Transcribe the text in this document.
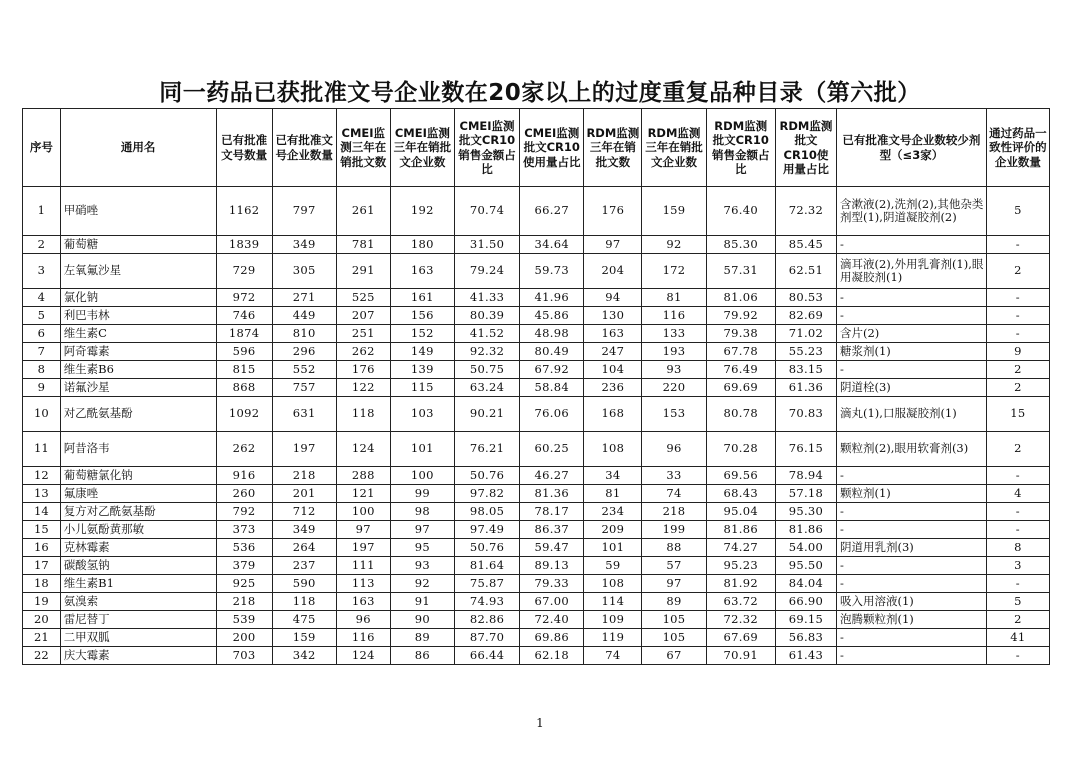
同一药品已获批准文号企业数在20家以上的过度重复品种目录（第六批）
序号	通用名	已有批准文号数量	已有批准文号企业数量	CMEI监测三年在销批文数	CMEI监测三年在销批文企业数	CMEI监测批文CR10销售金额占比	CMEI监测批文CR10使用量占比	RDM监测三年在销批文数	RDM监测三年在销批文企业数	RDM监测批文CR10销售金额占比	RDM监测批文CR10使用量占比	已有批准文号企业数较少剂型（≤3家）	通过药品一致性评价的企业数量
1	甲硝唑	1162	797	261	192	70.74	66.27	176	159	76.40	72.32	含漱液(2),洗剂(2),其他杂类剂型(1),阴道凝胶剂(2)	5
2	葡萄糖	1839	349	781	180	31.50	34.64	97	92	85.30	85.45	-	-
3	左氧氟沙星	729	305	291	163	79.24	59.73	204	172	57.31	62.51	滴耳液(2),外用乳膏剂(1),眼用凝胶剂(1)	2
4	氯化钠	972	271	525	161	41.33	41.96	94	81	81.06	80.53	-	-
5	利巴韦林	746	449	207	156	80.39	45.86	130	116	79.92	82.69	-	-
6	维生素C	1874	810	251	152	41.52	48.98	163	133	79.38	71.02	含片(2)	-
7	阿奇霉素	596	296	262	149	92.32	80.49	247	193	67.78	55.23	糖浆剂(1)	9
8	维生素B6	815	552	176	139	50.75	67.92	104	93	76.49	83.15	-	2
9	诺氟沙星	868	757	122	115	63.24	58.84	236	220	69.69	61.36	阴道栓(3)	2
10	对乙酰氨基酚	1092	631	118	103	90.21	76.06	168	153	80.78	70.83	滴丸(1),口服凝胶剂(1)	15
11	阿昔洛韦	262	197	124	101	76.21	60.25	108	96	70.28	76.15	颗粒剂(2),眼用软膏剂(3)	2
12	葡萄糖氯化钠	916	218	288	100	50.76	46.27	34	33	69.56	78.94	-	-
13	氟康唑	260	201	121	99	97.82	81.36	81	74	68.43	57.18	颗粒剂(1)	4
14	复方对乙酰氨基酚	792	712	100	98	98.05	78.17	234	218	95.04	95.30	-	-
15	小儿氨酚黄那敏	373	349	97	97	97.49	86.37	209	199	81.86	81.86	-	-
16	克林霉素	536	264	197	95	50.76	59.47	101	88	74.27	54.00	阴道用乳剂(3)	8
17	碳酸氢钠	379	237	111	93	81.64	89.13	59	57	95.23	95.50	-	3
18	维生素B1	925	590	113	92	75.87	79.33	108	97	81.92	84.04	-	-
19	氨溴索	218	118	163	91	74.93	67.00	114	89	63.72	66.90	吸入用溶液(1)	5
20	雷尼替丁	539	475	96	90	82.86	72.40	109	105	72.32	69.15	泡腾颗粒剂(1)	2
21	二甲双胍	200	159	116	89	87.70	69.86	119	105	67.69	56.83	-	41
22	庆大霉素	703	342	124	86	66.44	62.18	74	67	70.91	61.43	-	-
1
